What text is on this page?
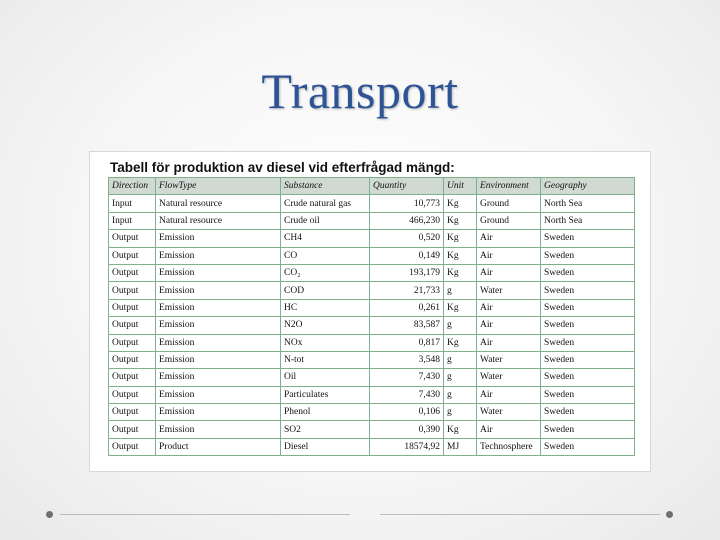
Transport
Tabell för produktion av diesel vid efterfrågad mängd:
Direction	FlowType	Substance	Quantity	Unit	Environment	Geography
Input	Natural resource	Crude natural gas	10,773	Kg	Ground	North Sea
Input	Natural resource	Crude oil	466,230	Kg	Ground	North Sea
Output	Emission	CH4	0,520	Kg	Air	Sweden
Output	Emission	CO	0,149	Kg	Air	Sweden
Output	Emission	CO₂	193,179	Kg	Air	Sweden
Output	Emission	COD	21,733	g	Water	Sweden
Output	Emission	HC	0,261	Kg	Air	Sweden
Output	Emission	N2O	83,587	g	Air	Sweden
Output	Emission	NOx	0,817	Kg	Air	Sweden
Output	Emission	N-tot	3,548	g	Water	Sweden
Output	Emission	Oil	7,430	g	Water	Sweden
Output	Emission	Particulates	7,430	g	Air	Sweden
Output	Emission	Phenol	0,106	g	Water	Sweden
Output	Emission	SO2	0,390	Kg	Air	Sweden
Output	Product	Diesel	18574,92	MJ	Technosphere	Sweden
